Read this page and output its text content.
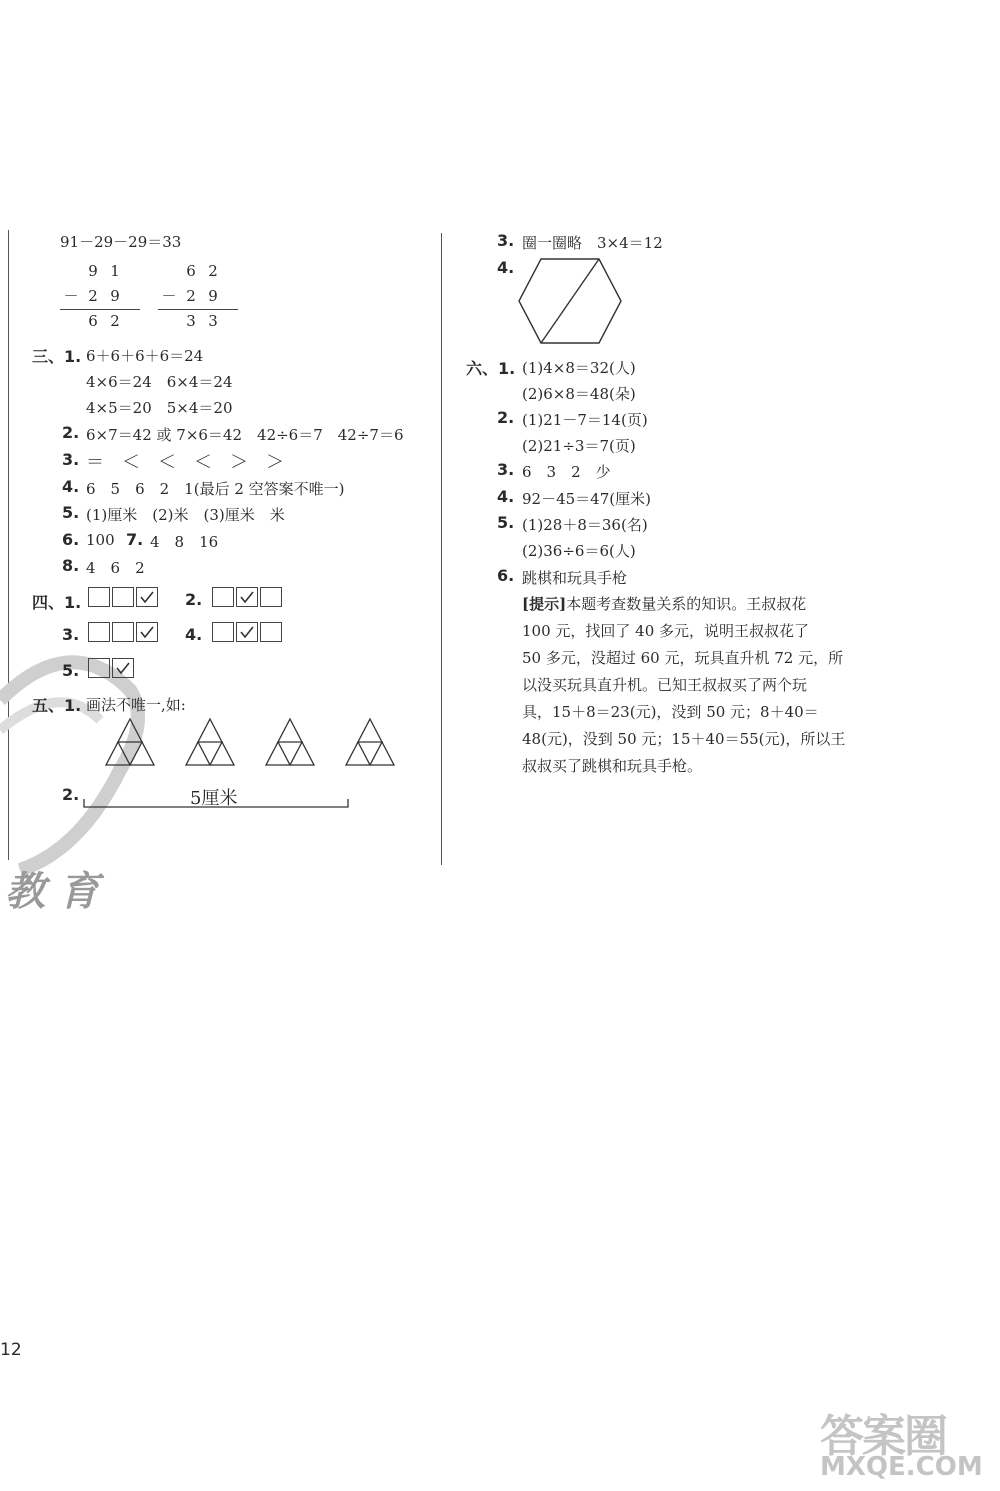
教 育
91－29－29＝33
9 1
－ 2 9
6 2
6 2
－ 2 9
3 3
三、1. 6＋6＋6＋6＝24
4×6＝24　6×4＝24
4×5＝20　5×4＝20
2. 6×7＝42 或 7×6＝42　42÷6＝7　42÷7＝6
3. ＝　＜　＜　＜　＞　＞
4. 6　5　6　2　1(最后 2 空答案不唯一)
5. (1)厘米　(2)米　(3)厘米　米
6. 100 7. 4　8　16
8. 4　6　2
四、1.	2.
3.	4.
5.
五、1. 画法不唯一,如:
2.	5厘米
12
3. 圈一圈略　3×4＝12
4.
六、1. (1)4×8＝32(人)
(2)6×8＝48(朵)
2. (1)21－7＝14(页)
(2)21÷3＝7(页)
3. 6　3　2　少
4. 92－45＝47(厘米)
5. (1)28＋8＝36(名)
(2)36÷6＝6(人)
6. 跳棋和玩具手枪
[提示]本题考查数量关系的知识。王叔叔花
100 元，找回了 40 多元，说明王叔叔花了
50 多元，没超过 60 元，玩具直升机 72 元，所
以没买玩具直升机。已知王叔叔买了两个玩
具，15＋8＝23(元)，没到 50 元；8＋40＝
48(元)，没到 50 元；15＋40＝55(元)，所以王
叔叔买了跳棋和玩具手枪。
答案圈
MXQE.COM
